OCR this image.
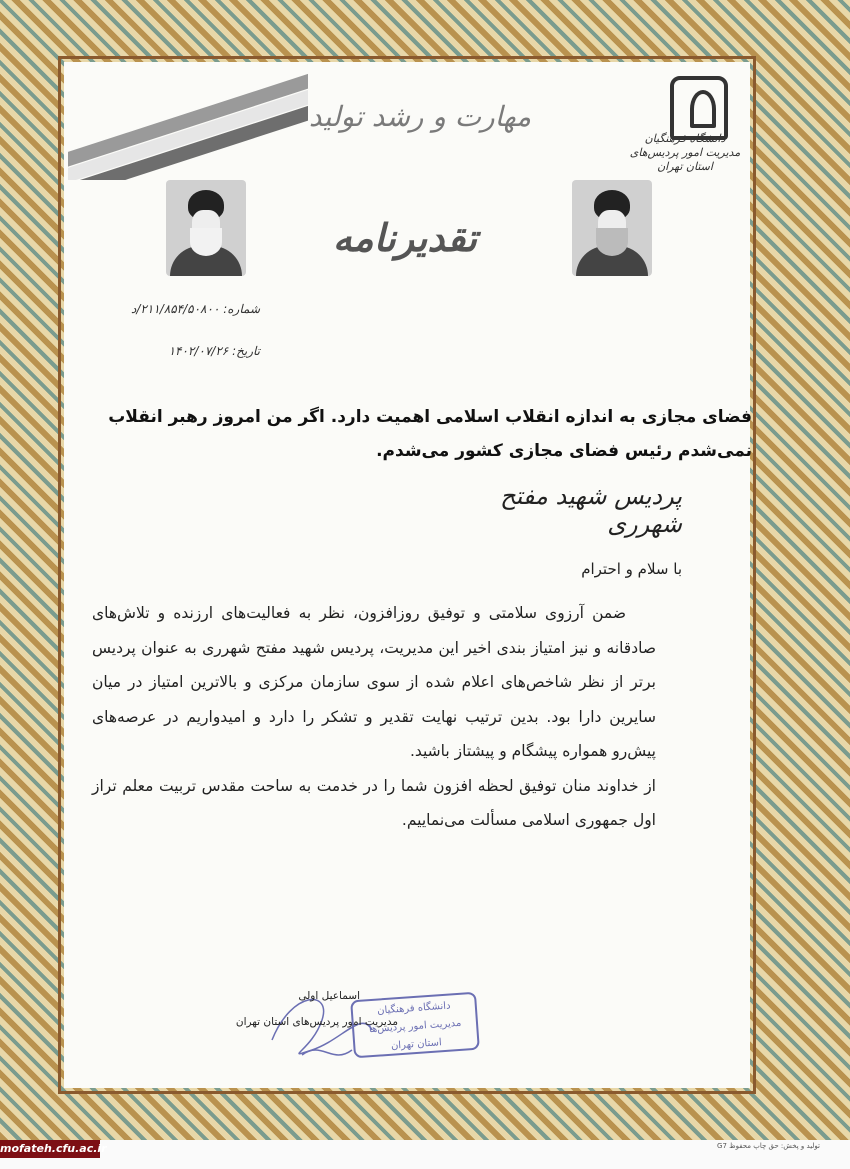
مهارت و رشد تولید
دانشگاه فرهنگیان
مدیریت امور پردیس‌های
استان تهران
تقدیرنامه
شماره: ۲۱۱/۸۵۴/۵۰۸۰۰/د
تاریخ: ۱۴۰۲/۰۷/۲۶
فضای مجازی به اندازه انقلاب اسلامی اهمیت دارد. اگر من امروز رهبر انقلاب نمی‌شدم رئیس فضای مجازی کشور می‌شدم.
پردیس شهید مفتح شهرری
با سلام و احترام

ضمن آرزوی سلامتی و توفیق روزافزون، نظر به فعالیت‌های ارزنده و تلاش‌های صادقانه و نیز امتیاز بندی اخیر این مدیریت، پردیس شهید مفتح شهرری به عنوان پردیس برتر از نظر شاخص‌های اعلام شده از سوی سازمان مرکزی و بالاترین امتیاز در میان سایرین دارا بود. بدین ترتیب نهایت تقدیر و تشکر را دارد و امیدواریم در عرصه‌های پیش‌رو همواره پیشگام و پیشتاز باشید.

از خداوند منان توفیق لحظه افزون شما را در خدمت به ساحت مقدس تربیت معلم تراز اول جمهوری اسلامی مسألت می‌نماییم.

اسماعیل اولی
مدیریت امور پردیس‌های استان تهران
دانشگاه فرهنگیان
مدیریت امور پردیس‌ها
استان تهران
mofateh.cfu.ac.ir	تولید و پخش: حق چاپ محفوظ G7
